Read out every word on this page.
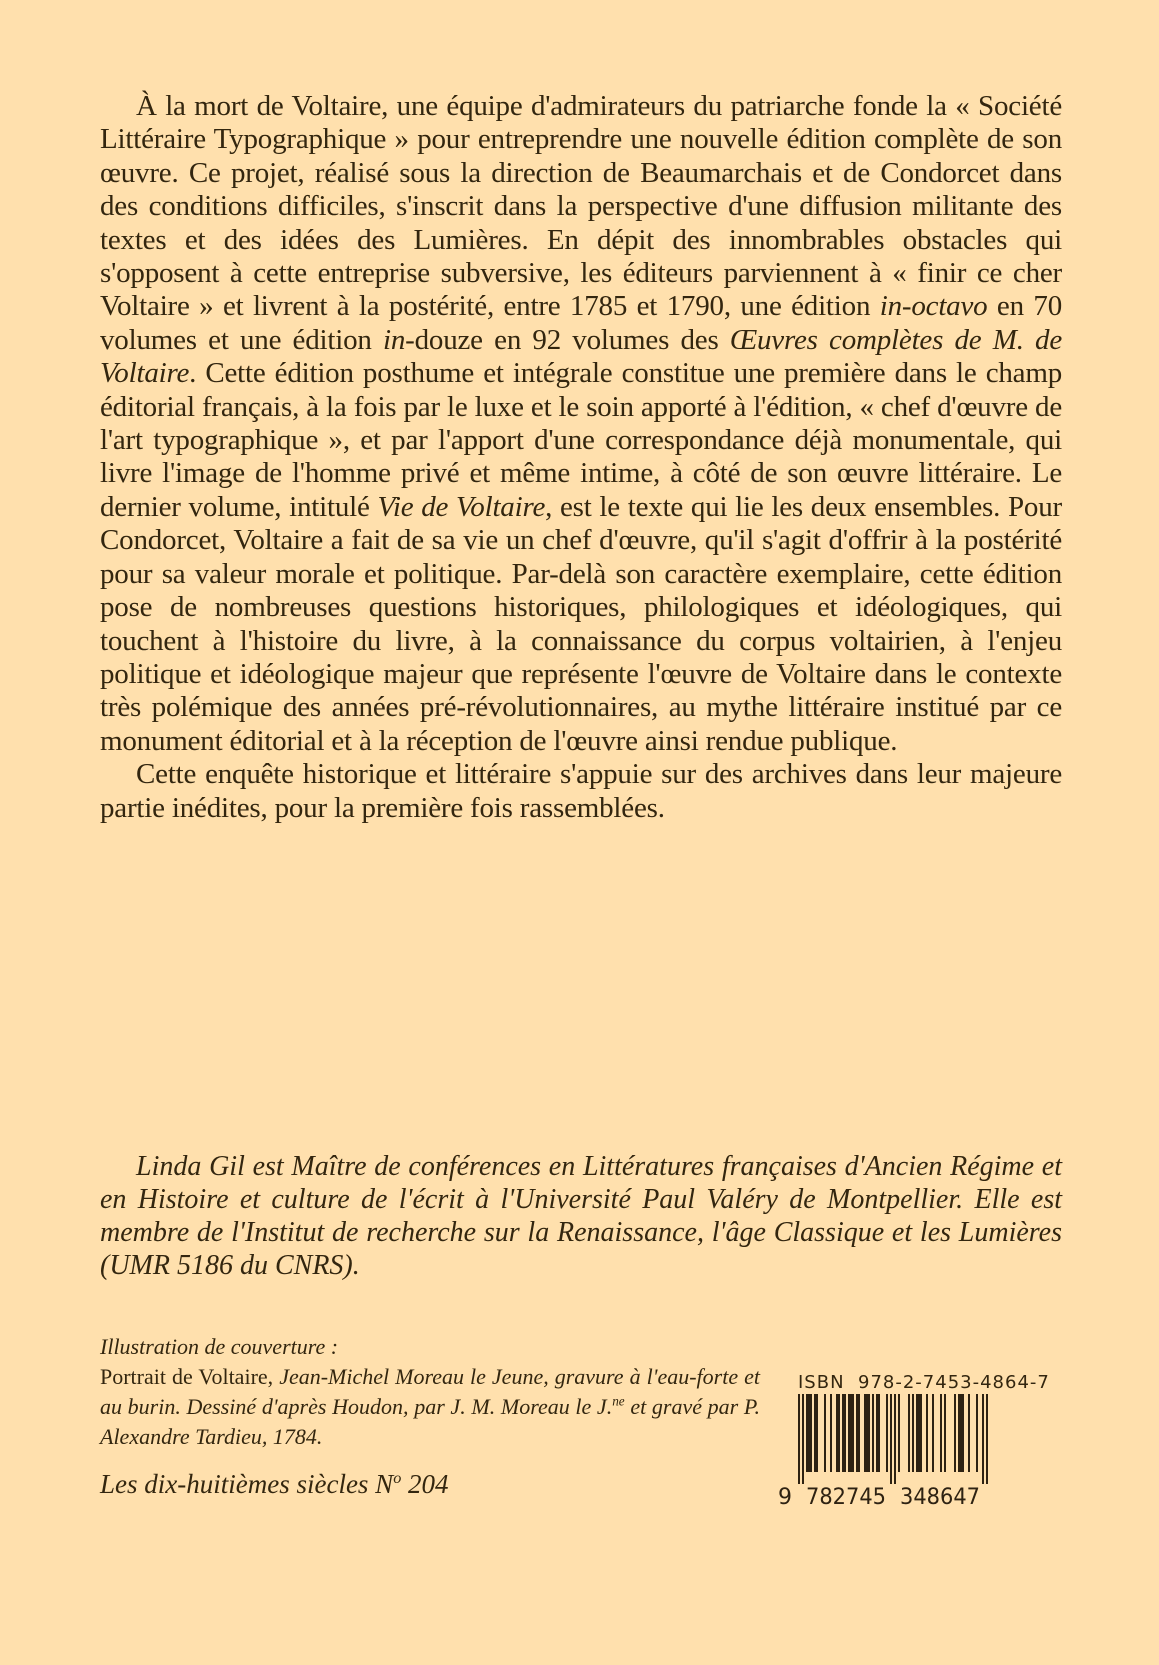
À la mort de Voltaire, une équipe d'admirateurs du patriarche fonde la « Société Littéraire Typographique » pour entreprendre une nouvelle édition complète de son œuvre. Ce projet, réalisé sous la direction de Beaumarchais et de Condorcet dans des conditions difficiles, s'inscrit dans la perspective d'une diffusion militante des textes et des idées des Lumières. En dépit des innombrables obstacles qui s'opposent à cette entreprise subversive, les éditeurs parviennent à « finir ce cher Voltaire » et livrent à la postérité, entre 1785 et 1790, une édition in-octavo en 70 volumes et une édition in-douze en 92 volumes des Œuvres complètes de M. de Voltaire. Cette édition posthume et intégrale constitue une première dans le champ éditorial français, à la fois par le luxe et le soin apporté à l'édition, « chef d'œuvre de l'art typographique », et par l'apport d'une correspondance déjà monumentale, qui livre l'image de l'homme privé et même intime, à côté de son œuvre littéraire. Le dernier volume, intitulé Vie de Voltaire, est le texte qui lie les deux ensembles. Pour Condorcet, Voltaire a fait de sa vie un chef d'œuvre, qu'il s'agit d'offrir à la postérité pour sa valeur morale et politique. Par-delà son caractère exemplaire, cette édition pose de nombreuses questions historiques, philologiques et idéologiques, qui touchent à l'histoire du livre, à la connaissance du corpus voltairien, à l'enjeu politique et idéologique majeur que représente l'œuvre de Voltaire dans le contexte très polémique des années pré-révolutionnaires, au mythe littéraire institué par ce monument éditorial et à la réception de l'œuvre ainsi rendue publique.

Cette enquête historique et littéraire s'appuie sur des archives dans leur majeure partie inédites, pour la première fois rassemblées.

Linda Gil est Maître de conférences en Littératures françaises d'Ancien Régime et en Histoire et culture de l'écrit à l'Université Paul Valéry de Montpellier. Elle est membre de l'Institut de recherche sur la Renaissance, l'âge Classique et les Lumières (UMR 5186 du CNRS).
Illustration de couverture :
Portrait de Voltaire, Jean-Michel Moreau le Jeune, gravure à l'eau-forte et au burin. Dessiné d'après Houdon, par J. M. Moreau le J.$^{ne}$ et gravé par P. Alexandre Tardieu, 1784.
Les dix-huitièmes siècles $N^o$ 204
ISBN  978-2-7453-4864-7
9 782745 348647
